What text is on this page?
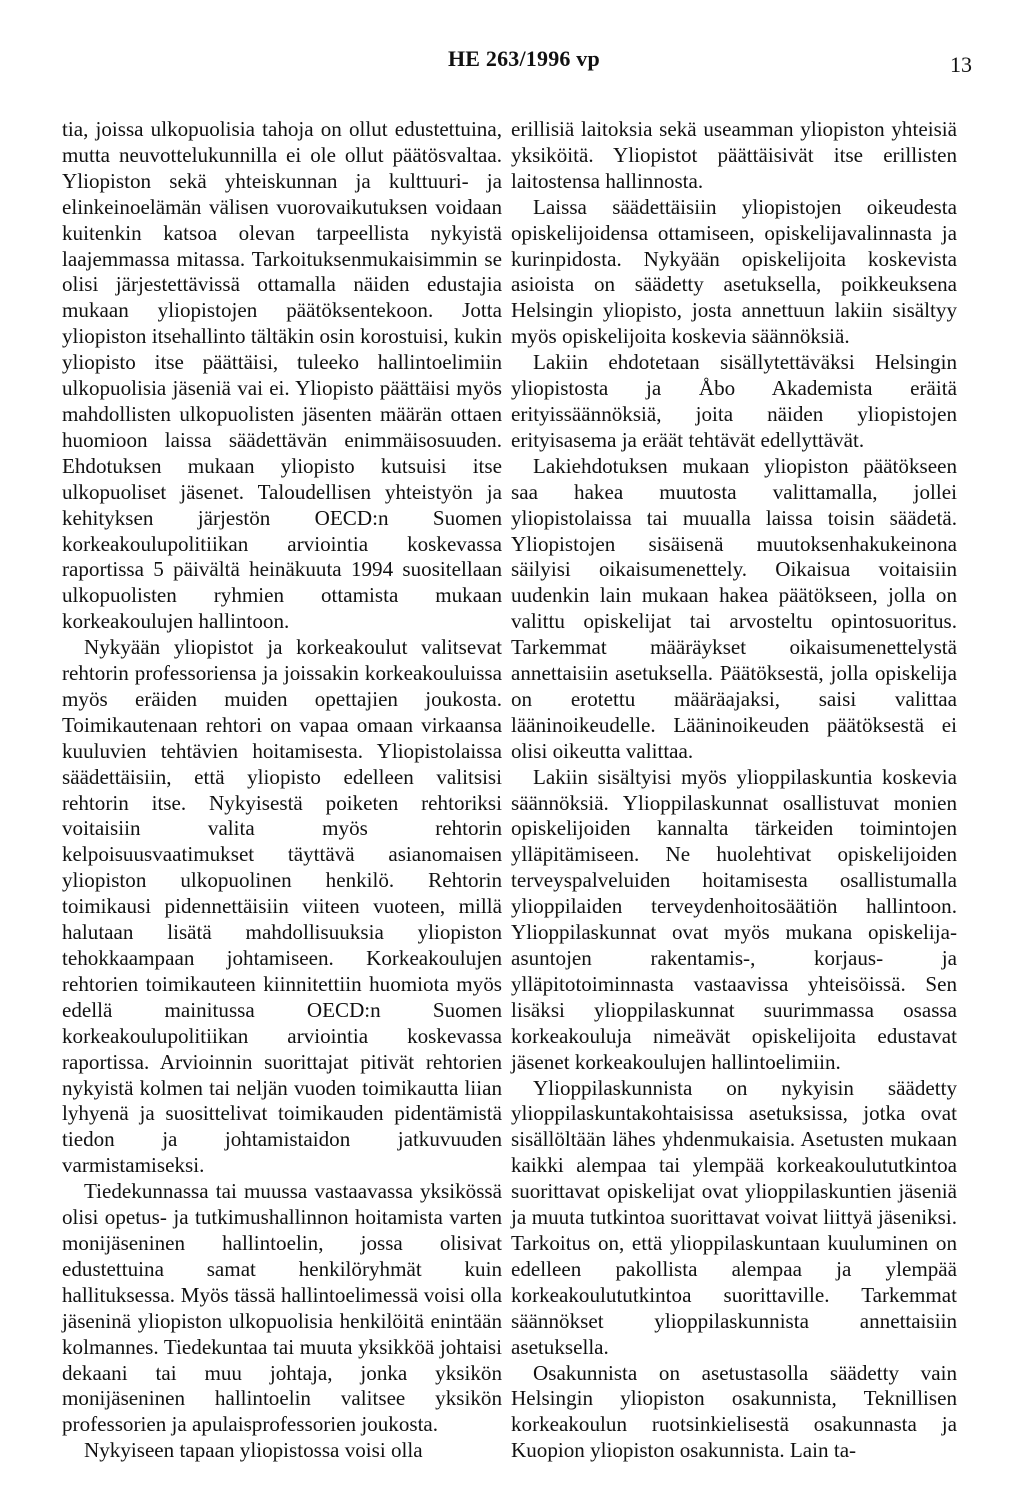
HE 263/1996 vp	13

tia, joissa ulkopuolisia tahoja on ollut edustettuina, mutta neuvottelukunnilla ei ole ollut päätösvaltaa. Yliopiston sekä yhteiskunnan ja kulttuuri- ja elinkeinoelämän välisen vuorovaikutuksen voidaan kuitenkin katsoa olevan tarpeellista nykyistä laajemmassa mitassa. Tarkoituksenmukaisimmin se olisi järjestettävissä ottamalla näiden edustajia mukaan yliopistojen päätöksentekoon. Jotta yliopiston itsehallinto tältäkin osin korostuisi, kukin yliopisto itse päättäisi, tuleeko hallintoelimiin ulkopuolisia jäseniä vai ei. Yliopisto päättäisi myös mahdollisten ulkopuolisten jäsenten määrän ottaen huomioon laissa säädettävän enimmäisosuuden. Ehdotuksen mukaan yliopisto kutsuisi itse ulkopuoliset jäsenet. Taloudellisen yhteistyön ja kehityksen järjestön OECD:n Suomen korkeakoulupolitiikan arviointia koskevassa raportissa 5 päivältä heinäkuuta 1994 suositellaan ulkopuolisten ryhmien ottamista mukaan korkeakoulujen hallintoon.

Nykyään yliopistot ja korkeakoulut valitsevat rehtorin professoriensa ja joissakin korkeakouluissa myös eräiden muiden opettajien joukosta. Toimikautenaan rehtori on vapaa omaan virkaansa kuuluvien tehtävien hoitamisesta. Yliopistolaissa säädettäisiin, että yliopisto edelleen valitsisi rehtorin itse. Nykyisestä poiketen rehtoriksi voitaisiin valita myös rehtorin kelpoisuusvaatimukset täyttävä asianomaisen yliopiston ulkopuolinen henkilö. Rehtorin toimikausi pidennettäisiin viiteen vuoteen, millä halutaan lisätä mahdollisuuksia yliopiston tehokkaampaan johtamiseen. Korkeakoulujen rehtorien toimikauteen kiinnitettiin huomiota myös edellä mainitussa OECD:n Suomen korkeakoulupolitiikan arviointia koskevassa raportissa. Arvioinnin suorittajat pitivät rehtorien nykyistä kolmen tai neljän vuoden toimikautta liian lyhyenä ja suosittelivat toimikauden pidentämistä tiedon ja johtamistaidon jatkuvuuden varmistamiseksi.

Tiedekunnassa tai muussa vastaavassa yksikössä olisi opetus- ja tutkimushallinnon hoitamista varten monijäseninen hallintoelin, jossa olisivat edustettuina samat henkilöryhmät kuin hallituksessa. Myös tässä hallintoelimessä voisi olla jäseninä yliopiston ulkopuolisia henkilöitä enintään kolmannes. Tiedekuntaa tai muuta yksikköä johtaisi dekaani tai muu johtaja, jonka yksikön monijäseninen hallintoelin valitsee yksikön professorien ja apulaisprofessorien joukosta.

Nykyiseen tapaan yliopistossa voisi olla

erillisiä laitoksia sekä useamman yliopiston yhteisiä yksiköitä. Yliopistot päättäisivät itse erillisten laitostensa hallinnosta.

Laissa säädettäisiin yliopistojen oikeudesta opiskelijoidensa ottamiseen, opiskelijavalinnasta ja kurinpidosta. Nykyään opiskelijoita koskevista asioista on säädetty asetuksella, poikkeuksena Helsingin yliopisto, josta annettuun lakiin sisältyy myös opiskelijoita koskevia säännöksiä.

Lakiin ehdotetaan sisällytettäväksi Helsingin yliopistosta ja Åbo Akademista eräitä erityissäännöksiä, joita näiden yliopistojen erityisasema ja eräät tehtävät edellyttävät.

Lakiehdotuksen mukaan yliopiston päätökseen saa hakea muutosta valittamalla, jollei yliopistolaissa tai muualla laissa toisin säädetä. Yliopistojen sisäisenä muutoksenhakukeinona säilyisi oikaisumenettely. Oikaisua voitaisiin uudenkin lain mukaan hakea päätökseen, jolla on valittu opiskelijat tai arvosteltu opintosuoritus. Tarkemmat määräykset oikaisumenettelystä annettaisiin asetuksella. Päätöksestä, jolla opiskelija on erotettu määräajaksi, saisi valittaa lääninoikeudelle. Lääninoikeuden päätöksestä ei olisi oikeutta valittaa.

Lakiin sisältyisi myös ylioppilaskuntia koskevia säännöksiä. Ylioppilaskunnat osallistuvat monien opiskelijoiden kannalta tärkeiden toimintojen ylläpitämiseen. Ne huolehtivat opiskelijoiden terveyspalveluiden hoitamisesta osallistumalla ylioppilaiden terveydenhoitosäätiön hallintoon. Ylioppilaskunnat ovat myös mukana opiskelija-asuntojen rakentamis-, korjaus- ja ylläpitotoiminnasta vastaavissa yhteisöissä. Sen lisäksi ylioppilaskunnat suurimmassa osassa korkeakouluja nimeävät opiskelijoita edustavat jäsenet korkeakoulujen hallintoelimiin.

Ylioppilaskunnista on nykyisin säädetty ylioppilaskuntakohtaisissa asetuksissa, jotka ovat sisällöltään lähes yhdenmukaisia. Asetusten mukaan kaikki alempaa tai ylempää korkeakoulututkintoa suorittavat opiskelijat ovat ylioppilaskuntien jäseniä ja muuta tutkintoa suorittavat voivat liittyä jäseniksi. Tarkoitus on, että ylioppilaskuntaan kuuluminen on edelleen pakollista alempaa ja ylempää korkeakoulututkintoa suorittaville. Tarkemmat säännökset ylioppilaskunnista annettaisiin asetuksella.

Osakunnista on asetustasolla säädetty vain Helsingin yliopiston osakunnista, Teknillisen korkeakoulun ruotsinkielisestä osakunnasta ja Kuopion yliopiston osakunnista. Lain ta-
